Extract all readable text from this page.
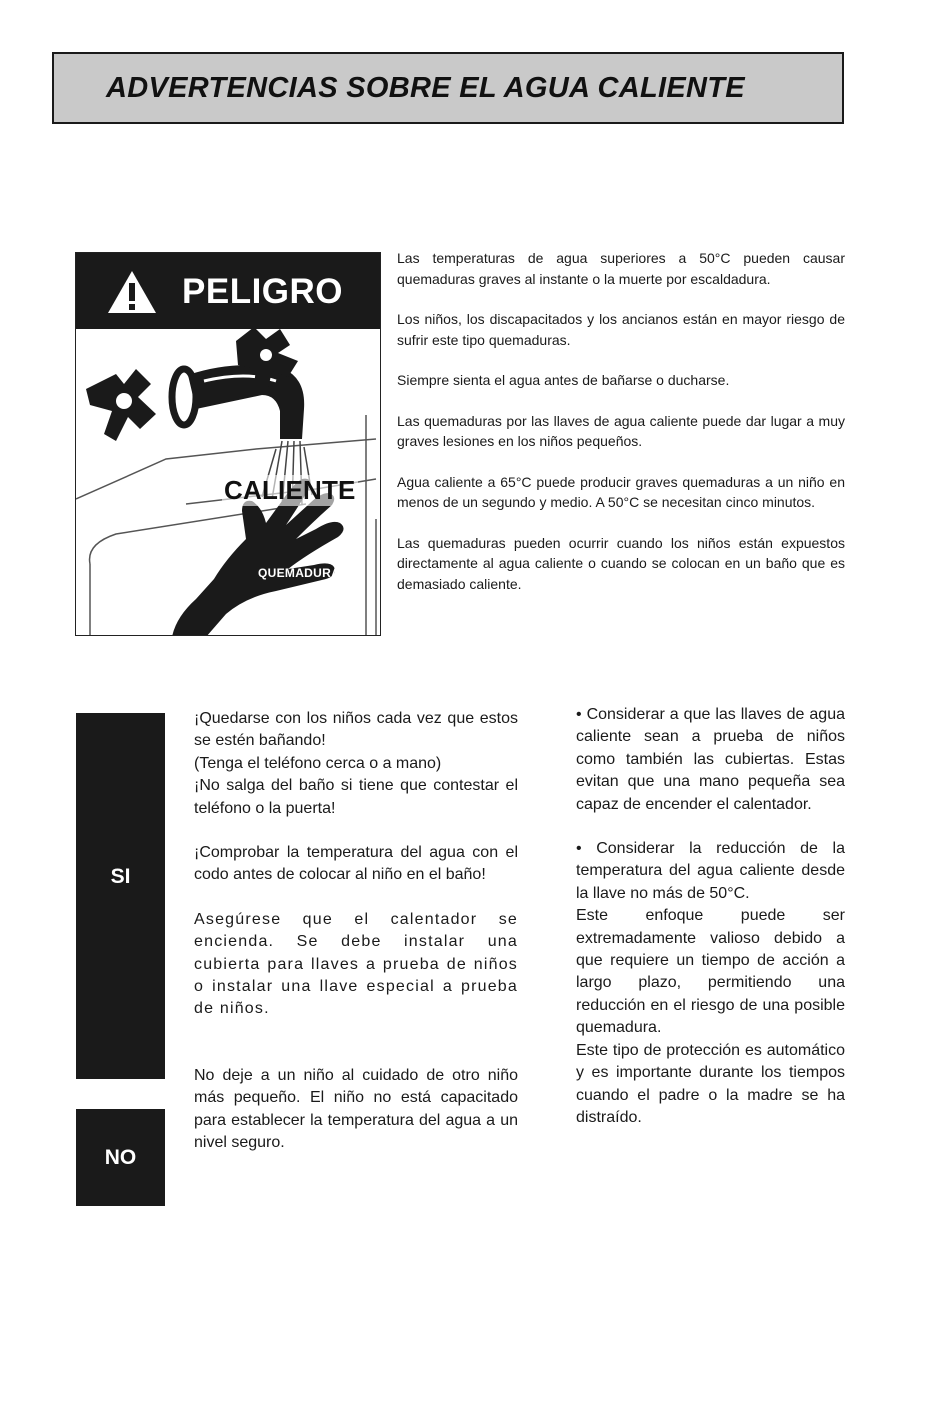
ADVERTENCIAS SOBRE EL AGUA CALIENTE
PELIGRO
CALIENTE
QUEMADURA

Las temperaturas de agua superiores a 50°C pueden causar quemaduras graves al instante o la muerte por escaldadura.

Los niños, los discapacitados y los ancianos están en mayor riesgo de sufrir este tipo quemaduras.

Siempre sienta el agua antes de bañarse o ducharse.

Las quemaduras por las llaves de agua caliente puede dar lugar a muy graves lesiones en los niños pequeños.

Agua caliente a 65°C puede producir graves quemaduras a un niño en menos de un segundo y medio. A 50°C se necesitan cinco minutos.

Las quemaduras pueden ocurrir cuando los niños están expuestos directamente al agua caliente o cuando se colocan en un baño que es demasiado caliente.

SI
NO

¡Quedarse con los niños cada vez que estos se estén bañando!

(Tenga el teléfono cerca o a mano)

¡No salga del baño si tiene que contestar el teléfono o la puerta!

¡Comprobar la temperatura del agua con el codo antes de colocar al niño en el baño!

Asegúrese que el calentador se encienda. Se debe instalar una cubierta para llaves a prueba de niños o instalar una llave especial a prueba de niños.

No deje a un niño al cuidado de otro niño más pequeño. El niño no está capacitado para establecer la temperatura del agua a un nivel seguro.

• Considerar a que las llaves de agua caliente sean a prueba de niños como también las cubiertas. Estas evitan que una mano pequeña sea capaz de encender el calentador.

• Considerar la reducción de la temperatura del agua caliente desde la llave no más de 50°C.

Este enfoque puede ser extremadamente valioso debido a que requiere un tiempo de acción a largo plazo, permitiendo una reducción en el riesgo de una posible quemadura.

Este tipo de protección es automático y es importante durante los tiempos cuando el padre o la madre se ha distraído.
